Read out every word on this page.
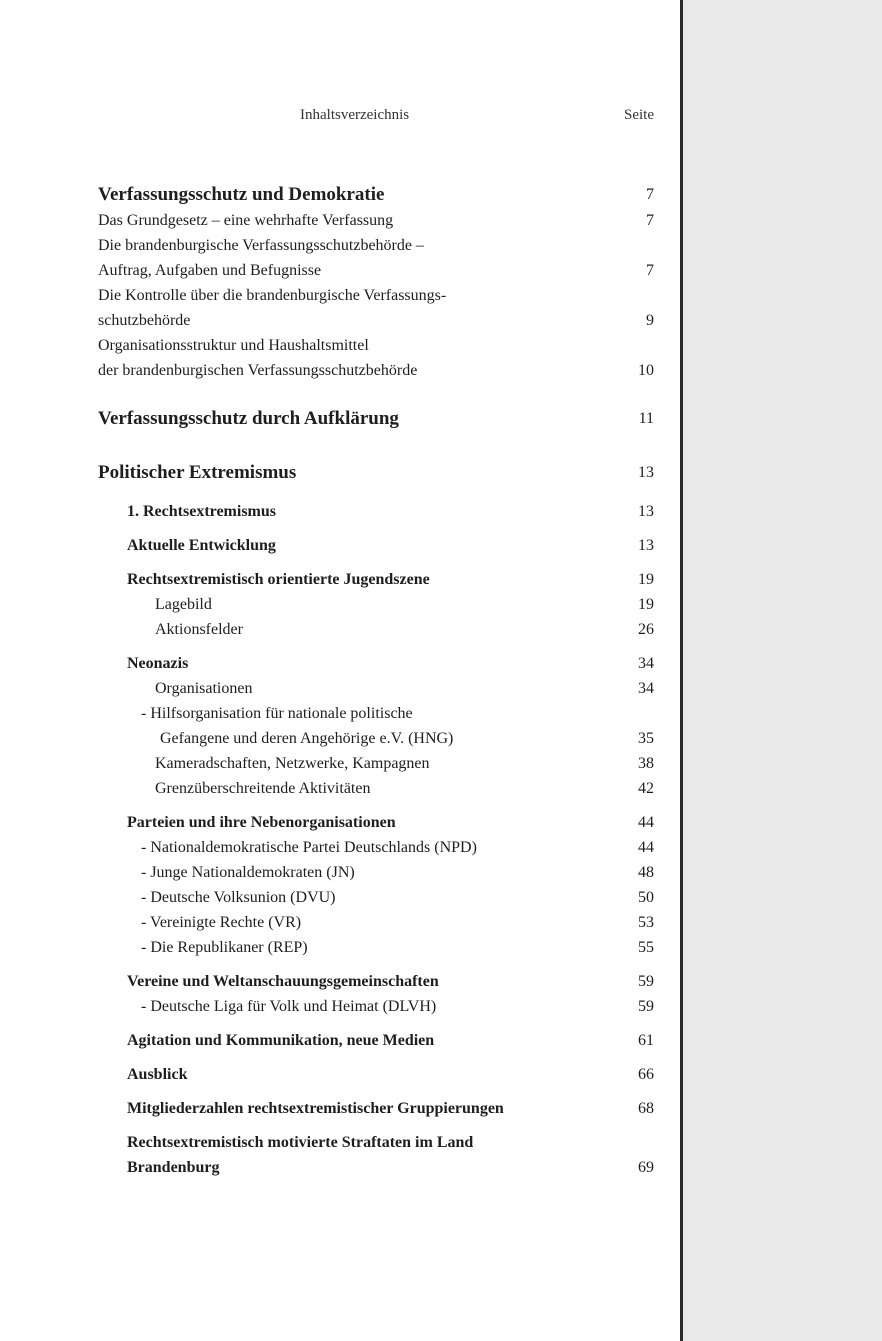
Inhaltsverzeichnis	Seite
Verfassungsschutz und Demokratie	7
Das Grundgesetz – eine wehrhafte Verfassung	7
Die brandenburgische Verfassungsschutzbehörde –
Auftrag, Aufgaben und Befugnisse	7
Die Kontrolle über die brandenburgische Verfassungs-
schutzbehörde	9
Organisationsstruktur und Haushaltsmittel
der brandenburgischen Verfassungsschutzbehörde	10
Verfassungsschutz durch Aufklärung	11
Politischer Extremismus	13
1. Rechtsextremismus	13
Aktuelle Entwicklung	13
Rechtsextremistisch orientierte Jugendszene	19
Lagebild	19
Aktionsfelder	26
Neonazis	34
Organisationen	34
- Hilfsorganisation für nationale politische
Gefangene und deren Angehörige e.V. (HNG)	35
Kameradschaften, Netzwerke, Kampagnen	38
Grenzüberschreitende Aktivitäten	42
Parteien und ihre Nebenorganisationen	44
- Nationaldemokratische Partei Deutschlands (NPD)	44
- Junge Nationaldemokraten (JN)	48
- Deutsche Volksunion (DVU)	50
- Vereinigte Rechte (VR)	53
- Die Republikaner (REP)	55
Vereine und Weltanschauungsgemeinschaften	59
- Deutsche Liga für Volk und Heimat (DLVH)	59
Agitation und Kommunikation, neue Medien	61
Ausblick	66
Mitgliederzahlen rechtsextremistischer Gruppierungen	68
Rechtsextremistisch motivierte Straftaten im Land
Brandenburg	69
